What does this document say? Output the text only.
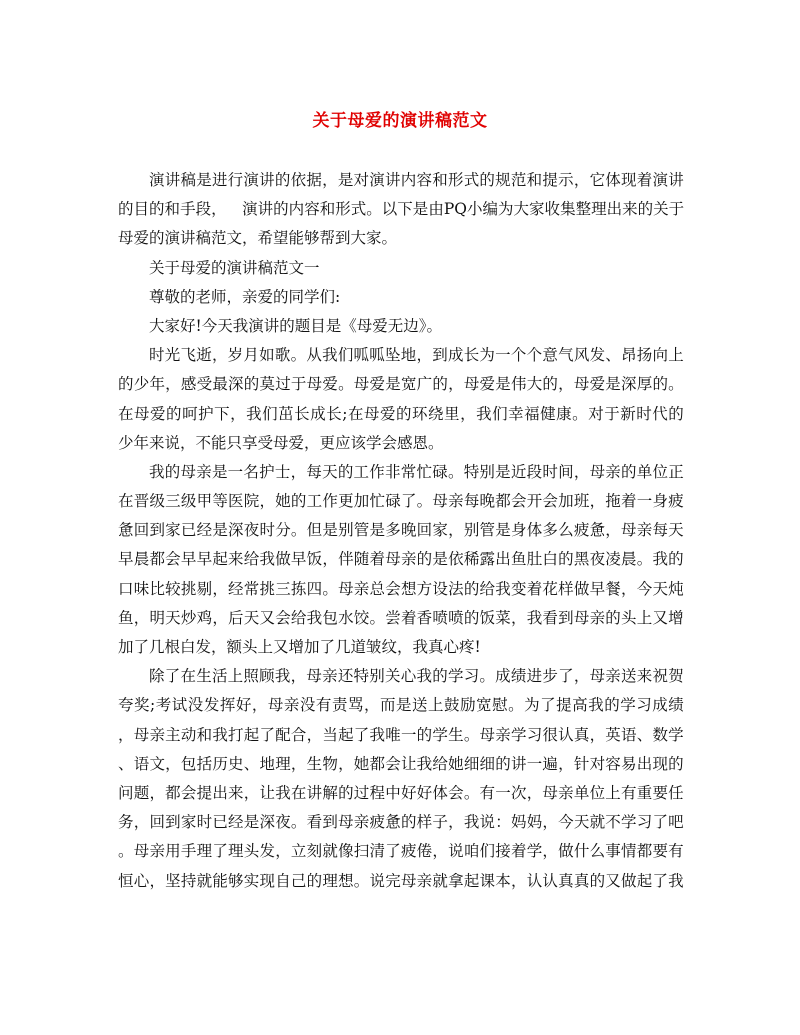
关于母爱的演讲稿范文
演 讲 稿 是 进 行 演 讲 的 依 据 ， 是 对 演 讲 内 容 和 形 式 的 规 范 和 提 示 ， 它 体 现 着 演 讲
的 目 的 和 手 段 ，
　 演 讲 的 内 容 和 形 式 。 以 下 是 由 PQ 小 编 为 大 家 收 集 整 理 出 来 的 关 于
母爱的演讲稿范文，希望能够帮到大家。
关于母爱的演讲稿范文一
尊敬的老师，亲爱的同学们:
大家好!今天我演讲的题目是《母爱无边》。
时 光 飞 逝 ， 岁 月 如 歌 。 从 我 们 呱 呱 坠 地 ， 到 成 长 为 一 个 个 意 气 风 发 、 昂 扬 向 上
的 少 年 ， 感 受 最 深 的 莫 过 于 母 爱 。 母 爱 是 宽 广 的 ， 母 爱 是 伟 大 的 ， 母 爱 是 深 厚 的 。
在 母 爱 的 呵 护 下 ， 我 们 茁 长 成 长 ; 在 母 爱 的 环 绕 里 ， 我 们 幸 福 健 康 。 对 于 新 时 代 的
少年来说，不能只享受母爱，更应该学会感恩。
我 的 母 亲 是 一 名 护 士 ， 每 天 的 工 作 非 常 忙 碌 。 特 别 是 近 段 时 间 ， 母 亲 的 单 位 正
在 晋 级 三 级 甲 等 医 院 ， 她 的 工 作 更 加 忙 碌 了 。 母 亲 每 晚 都 会 开 会 加 班 ， 拖 着 一 身 疲
惫 回 到 家 已 经 是 深 夜 时 分 。 但 是 别 管 是 多 晚 回 家 ， 别 管 是 身 体 多 么 疲 惫 ， 母 亲 每 天
早 晨 都 会 早 早 起 来 给 我 做 早 饭 ， 伴 随 着 母 亲 的 是 依 稀 露 出 鱼 肚 白 的 黑 夜 凌 晨 。 我 的
口 味 比 较 挑 剔 ， 经 常 挑 三 拣 四 。 母 亲 总 会 想 方 设 法 的 给 我 变 着 花 样 做 早 餐 ， 今 天 炖
鱼 ， 明 天 炒 鸡 ， 后 天 又 会 给 我 包 水 饺 。 尝 着 香 喷 喷 的 饭 菜 ， 我 看 到 母 亲 的 头 上 又 增
加了几根白发，额头上又增加了几道皱纹，我真心疼!
除 了 在 生 活 上 照 顾 我 ， 母 亲 还 特 别 关 心 我 的 学 习 。 成 绩 进 步 了 ， 母 亲 送 来 祝 贺
夸 奖 ; 考 试 没 发 挥 好 ， 母 亲 没 有 责 骂 ， 而 是 送 上 鼓 励 宽 慰 。 为 了 提 高 我 的 学 习 成 绩
， 母 亲 主 动 和 我 打 起 了 配 合 ， 当 起 了 我 唯 一 的 学 生 。 母 亲 学 习 很 认 真 ， 英 语 、 数 学
、 语 文 ， 包 括 历 史 、 地 理 ， 生 物 ， 她 都 会 让 我 给 她 细 细 的 讲 一 遍 ， 针 对 容 易 出 现 的
问 题 ， 都 会 提 出 来 ， 让 我 在 讲 解 的 过 程 中 好 好 体 会 。 有 一 次 ， 母 亲 单 位 上 有 重 要 任
务 ， 回 到 家 时 已 经 是 深 夜 。 看 到 母 亲 疲 惫 的 样 子 ， 我 说 ： 妈 妈 ， 今 天 就 不 学 习 了 吧
。 母 亲 用 手 理 了 理 头 发 ， 立 刻 就 像 扫 清 了 疲 倦 ， 说 咱 们 接 着 学 ， 做 什 么 事 情 都 要 有
恒 心 ， 坚 持 就 能 够 实 现 自 己 的 理 想 。 说 完 母 亲 就 拿 起 课 本 ， 认 认 真 真 的 又 做 起 了 我
